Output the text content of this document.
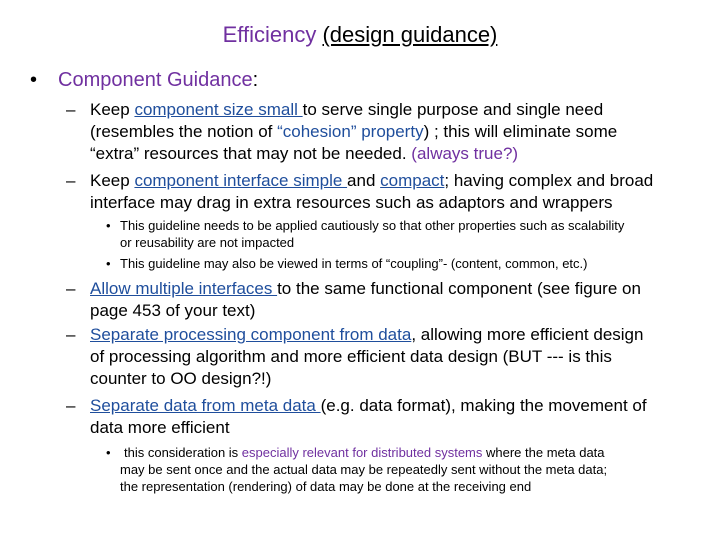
Efficiency (design guidance)
• Component Guidance:
– Keep component size small to serve single purpose and single need
(resembles the notion of “cohesion” property) ; this will eliminate some
“extra” resources that may not be needed. (always true?)
– Keep component interface simple and compact; having complex and broad
interface may drag in extra resources such as adaptors and wrappers
• This guideline needs to be applied cautiously so that other properties such as scalability
or reusability are not impacted
• This guideline may also be viewed in terms of “coupling”- (content, common, etc.)
– Allow multiple interfaces to the same functional component (see figure on
page 453 of your text)
– Separate processing component from data, allowing more efficient design
of processing algorithm and more efficient data design (BUT --- is this
counter to OO design?!)
– Separate data from meta data (e.g. data format), making the movement of
data more efficient
• this consideration is especially relevant for distributed systems where the meta data
may be sent once and the actual data may be repeatedly sent without the meta data;
the representation (rendering) of data may be done at the receiving end
